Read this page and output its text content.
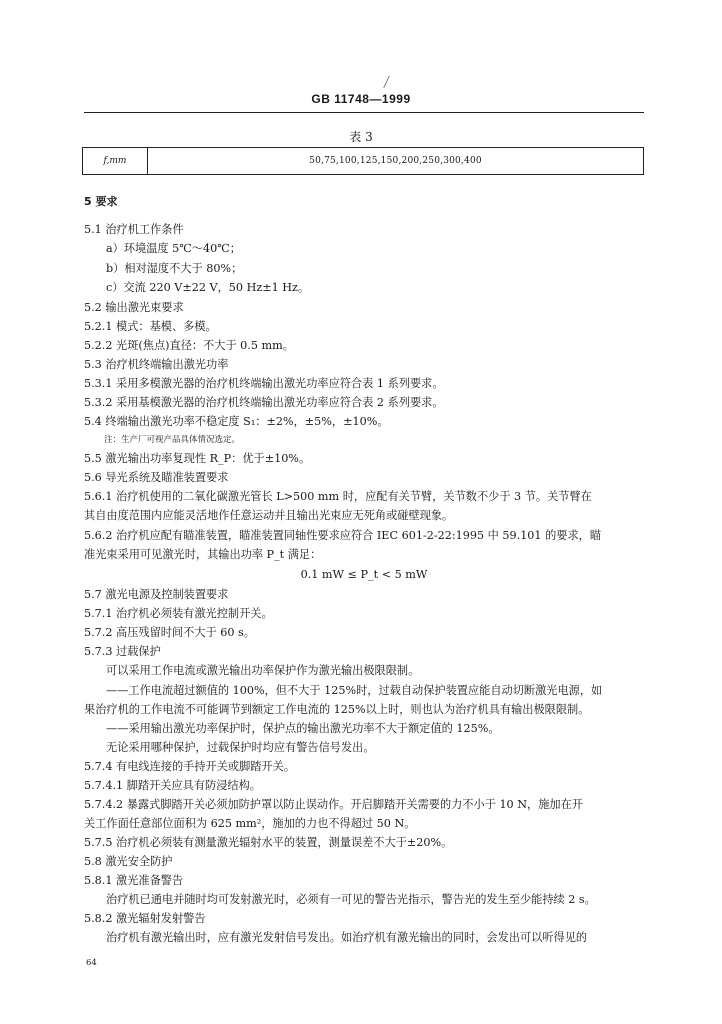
GB 11748—1999
表 3
f,mm	50,75,100,125,150,200,250,300,400
5 要求
5.1 治疗机工作条件
a）环境温度 5℃～40℃；
b）相对湿度不大于 80%；
c）交流 220 V±22 V，50 Hz±1 Hz。
5.2 输出激光束要求
5.2.1 模式：基模、多模。
5.2.2 光斑(焦点)直径：不大于 0.5 mm。
5.3 治疗机终端输出激光功率
5.3.1 采用多模激光器的治疗机终端输出激光功率应符合表 1 系列要求。
5.3.2 采用基模激光器的治疗机终端输出激光功率应符合表 2 系列要求。
5.4 终端输出激光功率不稳定度 S₁：±2%，±5%，±10%。
注：生产厂可视产品具体情况选定。
5.5 激光输出功率复现性 R_P：优于±10%。
5.6 导光系统及瞄准装置要求
5.6.1 治疗机使用的二氧化碳激光管长 L>500 mm 时，应配有关节臂，关节数不少于 3 节。关节臂在
其自由度范围内应能灵活地作任意运动并且输出光束应无死角或碰壁现象。
5.6.2 治疗机应配有瞄准装置，瞄准装置同轴性要求应符合 IEC 601-2-22:1995 中 59.101 的要求，瞄
准光束采用可见激光时，其输出功率 P_t 满足：
0.1 mW ≤ P_t < 5 mW
5.7 激光电源及控制装置要求
5.7.1 治疗机必须装有激光控制开关。
5.7.2 高压残留时间不大于 60 s。
5.7.3 过载保护
可以采用工作电流或激光输出功率保护作为激光输出极限限制。
——工作电流超过额值的 100%，但不大于 125%时，过载自动保护装置应能自动切断激光电源，如
果治疗机的工作电流不可能调节到额定工作电流的 125%以上时，则也认为治疗机具有输出极限限制。
——采用输出激光功率保护时，保护点的输出激光功率不大于额定值的 125%。
无论采用哪种保护，过载保护时均应有警告信号发出。
5.7.4 有电线连接的手持开关或脚踏开关。
5.7.4.1 脚踏开关应具有防浸结构。
5.7.4.2 暴露式脚踏开关必须加防护罩以防止误动作。开启脚踏开关需要的力不小于 10 N，施加在开
关工作面任意部位面积为 625 mm²，施加的力也不得超过 50 N。
5.7.5 治疗机必须装有测量激光辐射水平的装置，测量误差不大于±20%。
5.8 激光安全防护
5.8.1 激光准备警告
治疗机已通电并随时均可发射激光时，必须有一可见的警告光指示，警告光的发生至少能持续 2 s。
5.8.2 激光辐射发射警告
治疗机有激光输出时，应有激光发射信号发出。如治疗机有激光输出的同时，会发出可以听得见的
64
